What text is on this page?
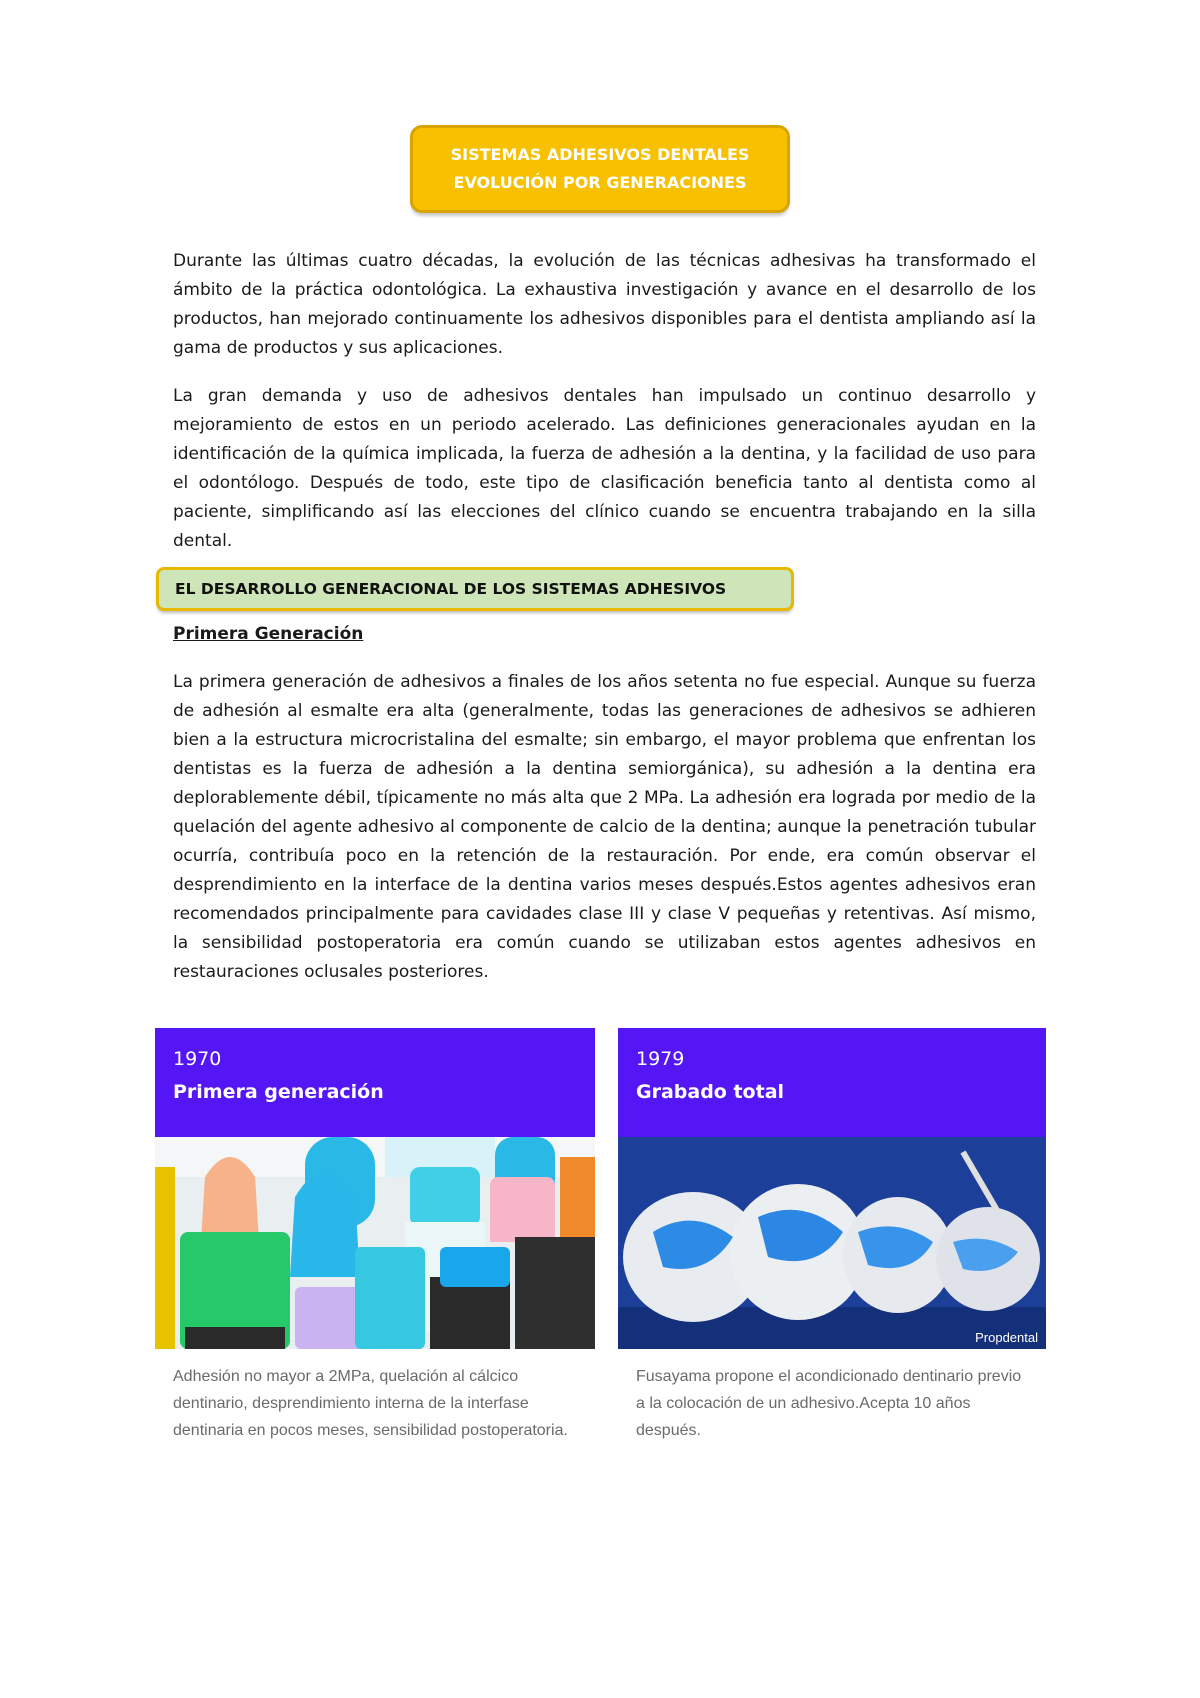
SISTEMAS ADHESIVOS DENTALES
EVOLUCIÓN POR GENERACIONES

Durante las últimas cuatro décadas, la evolución de las técnicas adhesivas ha transformado el ámbito de la práctica odontológica. La exhaustiva investigación y avance en el desarrollo de los productos, han mejorado continuamente los adhesivos disponibles para el dentista ampliando así la gama de productos y sus aplicaciones.

La gran demanda y uso de adhesivos dentales han impulsado un continuo desarrollo y mejoramiento de estos en un periodo acelerado. Las definiciones generacionales ayudan en la identificación de la química implicada, la fuerza de adhesión a la dentina, y la facilidad de uso para el odontólogo. Después de todo, este tipo de clasificación beneficia tanto al dentista como al paciente, simplificando así las elecciones del clínico cuando se encuentra trabajando en la silla dental.

EL DESARROLLO GENERACIONAL DE LOS SISTEMAS ADHESIVOS
Primera Generación

La primera generación de adhesivos a finales de los años setenta no fue especial. Aunque su fuerza de adhesión al esmalte era alta (generalmente, todas las generaciones de adhesivos se adhieren bien a la estructura microcristalina del esmalte; sin embargo, el mayor problema que enfrentan los dentistas es la fuerza de adhesión a la dentina semiorgánica), su adhesión a la dentina era deplorablemente débil, típicamente no más alta que 2 MPa. La adhesión era lograda por medio de la quelación del agente adhesivo al componente de calcio de la dentina; aunque la penetración tubular ocurría, contribuía poco en la retención de la restauración. Por ende, era común observar el desprendimiento en la interface de la dentina varios meses después.Estos agentes adhesivos eran recomendados principalmente para cavidades clase III y clase V pequeñas y retentivas. Así mismo, la sensibilidad postoperatoria era común cuando se utilizaban estos agentes adhesivos en restauraciones oclusales posteriores.

1970
Primera generación
Adhesión no mayor a 2MPa, quelación al cálcico dentinario, desprendimiento interna de la interfase dentinaria en pocos meses, sensibilidad postoperatoria.
1979
Grabado total
Propdental
Fusayama propone el acondicionado dentinario previo a la colocación de un adhesivo.Acepta 10 años después.
